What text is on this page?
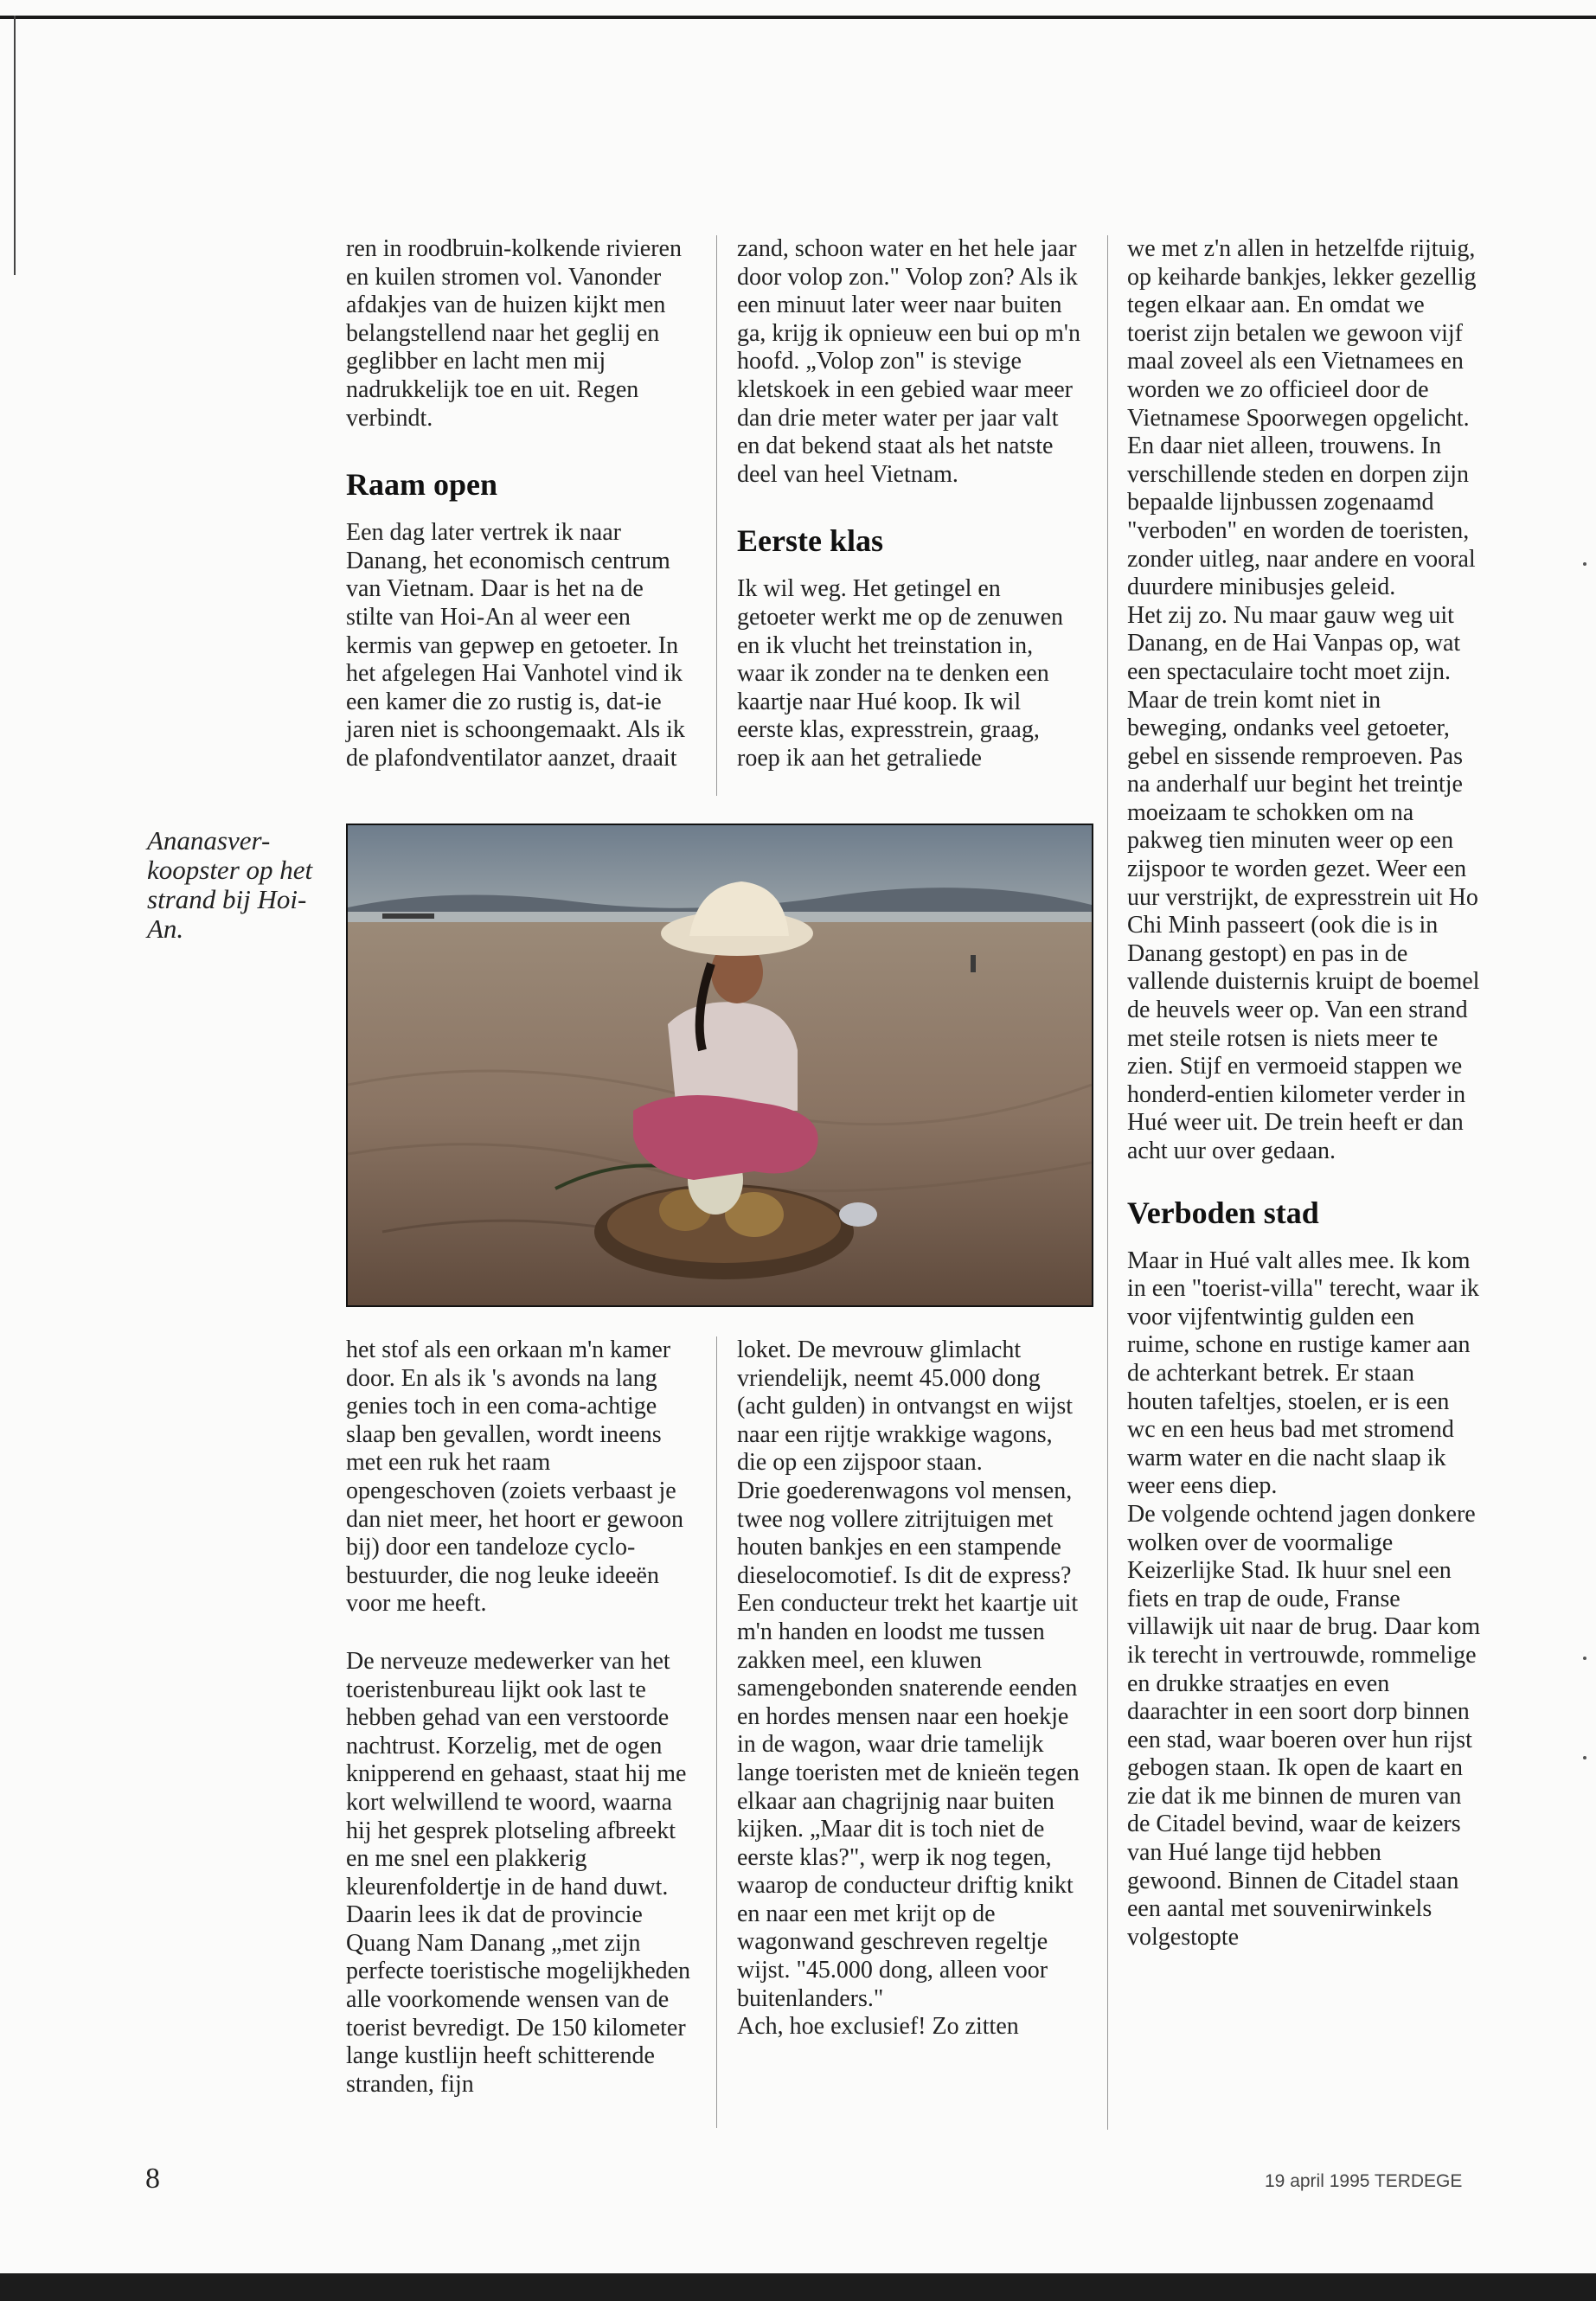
ren in roodbruin-kolkende rivieren en kuilen stromen vol. Vanonder afdakjes van de huizen kijkt men belangstellend naar het geglij en geglibber en lacht men mij nadrukkelijk toe en uit. Regen verbindt.

Raam open

Een dag later vertrek ik naar Danang, het economisch centrum van Vietnam. Daar is het na de stilte van Hoi-An al weer een kermis van gepwep en getoeter. In het afgelegen Hai Vanhotel vind ik een kamer die zo rustig is, dat-ie jaren niet is schoongemaakt. Als ik de plafondventilator aanzet, draait

zand, schoon water en het hele jaar door volop zon." Volop zon? Als ik een minuut later weer naar buiten ga, krijg ik opnieuw een bui op m'n hoofd. „Volop zon" is stevige kletskoek in een gebied waar meer dan drie meter water per jaar valt en dat bekend staat als het natste deel van heel Vietnam.

Eerste klas

Ik wil weg. Het getingel en getoeter werkt me op de zenuwen en ik vlucht het treinstation in, waar ik zonder na te denken een kaartje naar Hué koop. Ik wil eerste klas, expresstrein, graag, roep ik aan het getraliede

we met z'n allen in hetzelfde rijtuig, op keiharde bankjes, lekker gezellig tegen elkaar aan. En omdat we toerist zijn betalen we gewoon vijf maal zoveel als een Vietnamees en worden we zo officieel door de Vietnamese Spoorwegen opgelicht. En daar niet alleen, trouwens. In verschillende steden en dorpen zijn bepaalde lijnbussen zogenaamd "verboden" en worden de toeristen, zonder uitleg, naar andere en vooral duurdere minibusjes geleid.

Het zij zo. Nu maar gauw weg uit Danang, en de Hai Vanpas op, wat een spectaculaire tocht moet zijn. Maar de trein komt niet in beweging, ondanks veel getoeter, gebel en sissende remproeven. Pas na anderhalf uur begint het treintje moeizaam te schokken om na pakweg tien minuten weer op een zijspoor te worden gezet. Weer een uur verstrijkt, de expresstrein uit Ho Chi Minh passeert (ook die is in Danang gestopt) en pas in de vallende duisternis kruipt de boemel de heuvels weer op. Van een strand met steile rotsen is niets meer te zien. Stijf en vermoeid stappen we honderd-entien kilometer verder in Hué weer uit. De trein heeft er dan acht uur over gedaan.

Verboden stad

Maar in Hué valt alles mee. Ik kom in een "toerist-villa" terecht, waar ik voor vijfentwintig gulden een ruime, schone en rustige kamer aan de achterkant betrek. Er staan houten tafeltjes, stoelen, er is een wc en een heus bad met stromend warm water en die nacht slaap ik weer eens diep.

De volgende ochtend jagen donkere wolken over de voormalige Keizerlijke Stad. Ik huur snel een fiets en trap de oude, Franse villawijk uit naar de brug. Daar kom ik terecht in vertrouwde, rommelige en drukke straatjes en even daarachter in een soort dorp binnen een stad, waar boeren over hun rijst gebogen staan. Ik open de kaart en zie dat ik me binnen de muren van de Citadel bevind, waar de keizers van Hué lange tijd hebben gewoond. Binnen de Citadel staan een aantal met souvenirwinkels volgestopte

Ananasver-koopster op het strand bij Hoi-An.

het stof als een orkaan m'n kamer door. En als ik 's avonds na lang genies toch in een coma-achtige slaap ben gevallen, wordt ineens met een ruk het raam opengeschoven (zoiets verbaast je dan niet meer, het hoort er gewoon bij) door een tandeloze cyclo-bestuurder, die nog leuke ideeën voor me heeft.

De nerveuze medewerker van het toeristenbureau lijkt ook last te hebben gehad van een verstoorde nachtrust. Korzelig, met de ogen knipperend en gehaast, staat hij me kort welwillend te woord, waarna hij het gesprek plotseling afbreekt en me snel een plakkerig kleurenfoldertje in de hand duwt.

Daarin lees ik dat de provincie Quang Nam Danang „met zijn perfecte toeristische mogelijkheden alle voorkomende wensen van de toerist bevredigt. De 150 kilometer lange kustlijn heeft schitterende stranden, fijn

loket. De mevrouw glimlacht vriendelijk, neemt 45.000 dong (acht gulden) in ontvangst en wijst naar een rijtje wrakkige wagons, die op een zijspoor staan.

Drie goederenwagons vol mensen, twee nog vollere zitrijtuigen met houten bankjes en een stampende dieselocomotief. Is dit de express? Een conducteur trekt het kaartje uit m'n handen en loodst me tussen zakken meel, een kluwen samengebonden snaterende eenden en hordes mensen naar een hoekje in de wagon, waar drie tamelijk lange toeristen met de knieën tegen elkaar aan chagrijnig naar buiten kijken. „Maar dit is toch niet de eerste klas?", werp ik nog tegen, waarop de conducteur driftig knikt en naar een met krijt op de wagonwand geschreven regeltje wijst. "45.000 dong, alleen voor buitenlanders."

Ach, hoe exclusief! Zo zitten

8	19 april 1995 TERDEGE
